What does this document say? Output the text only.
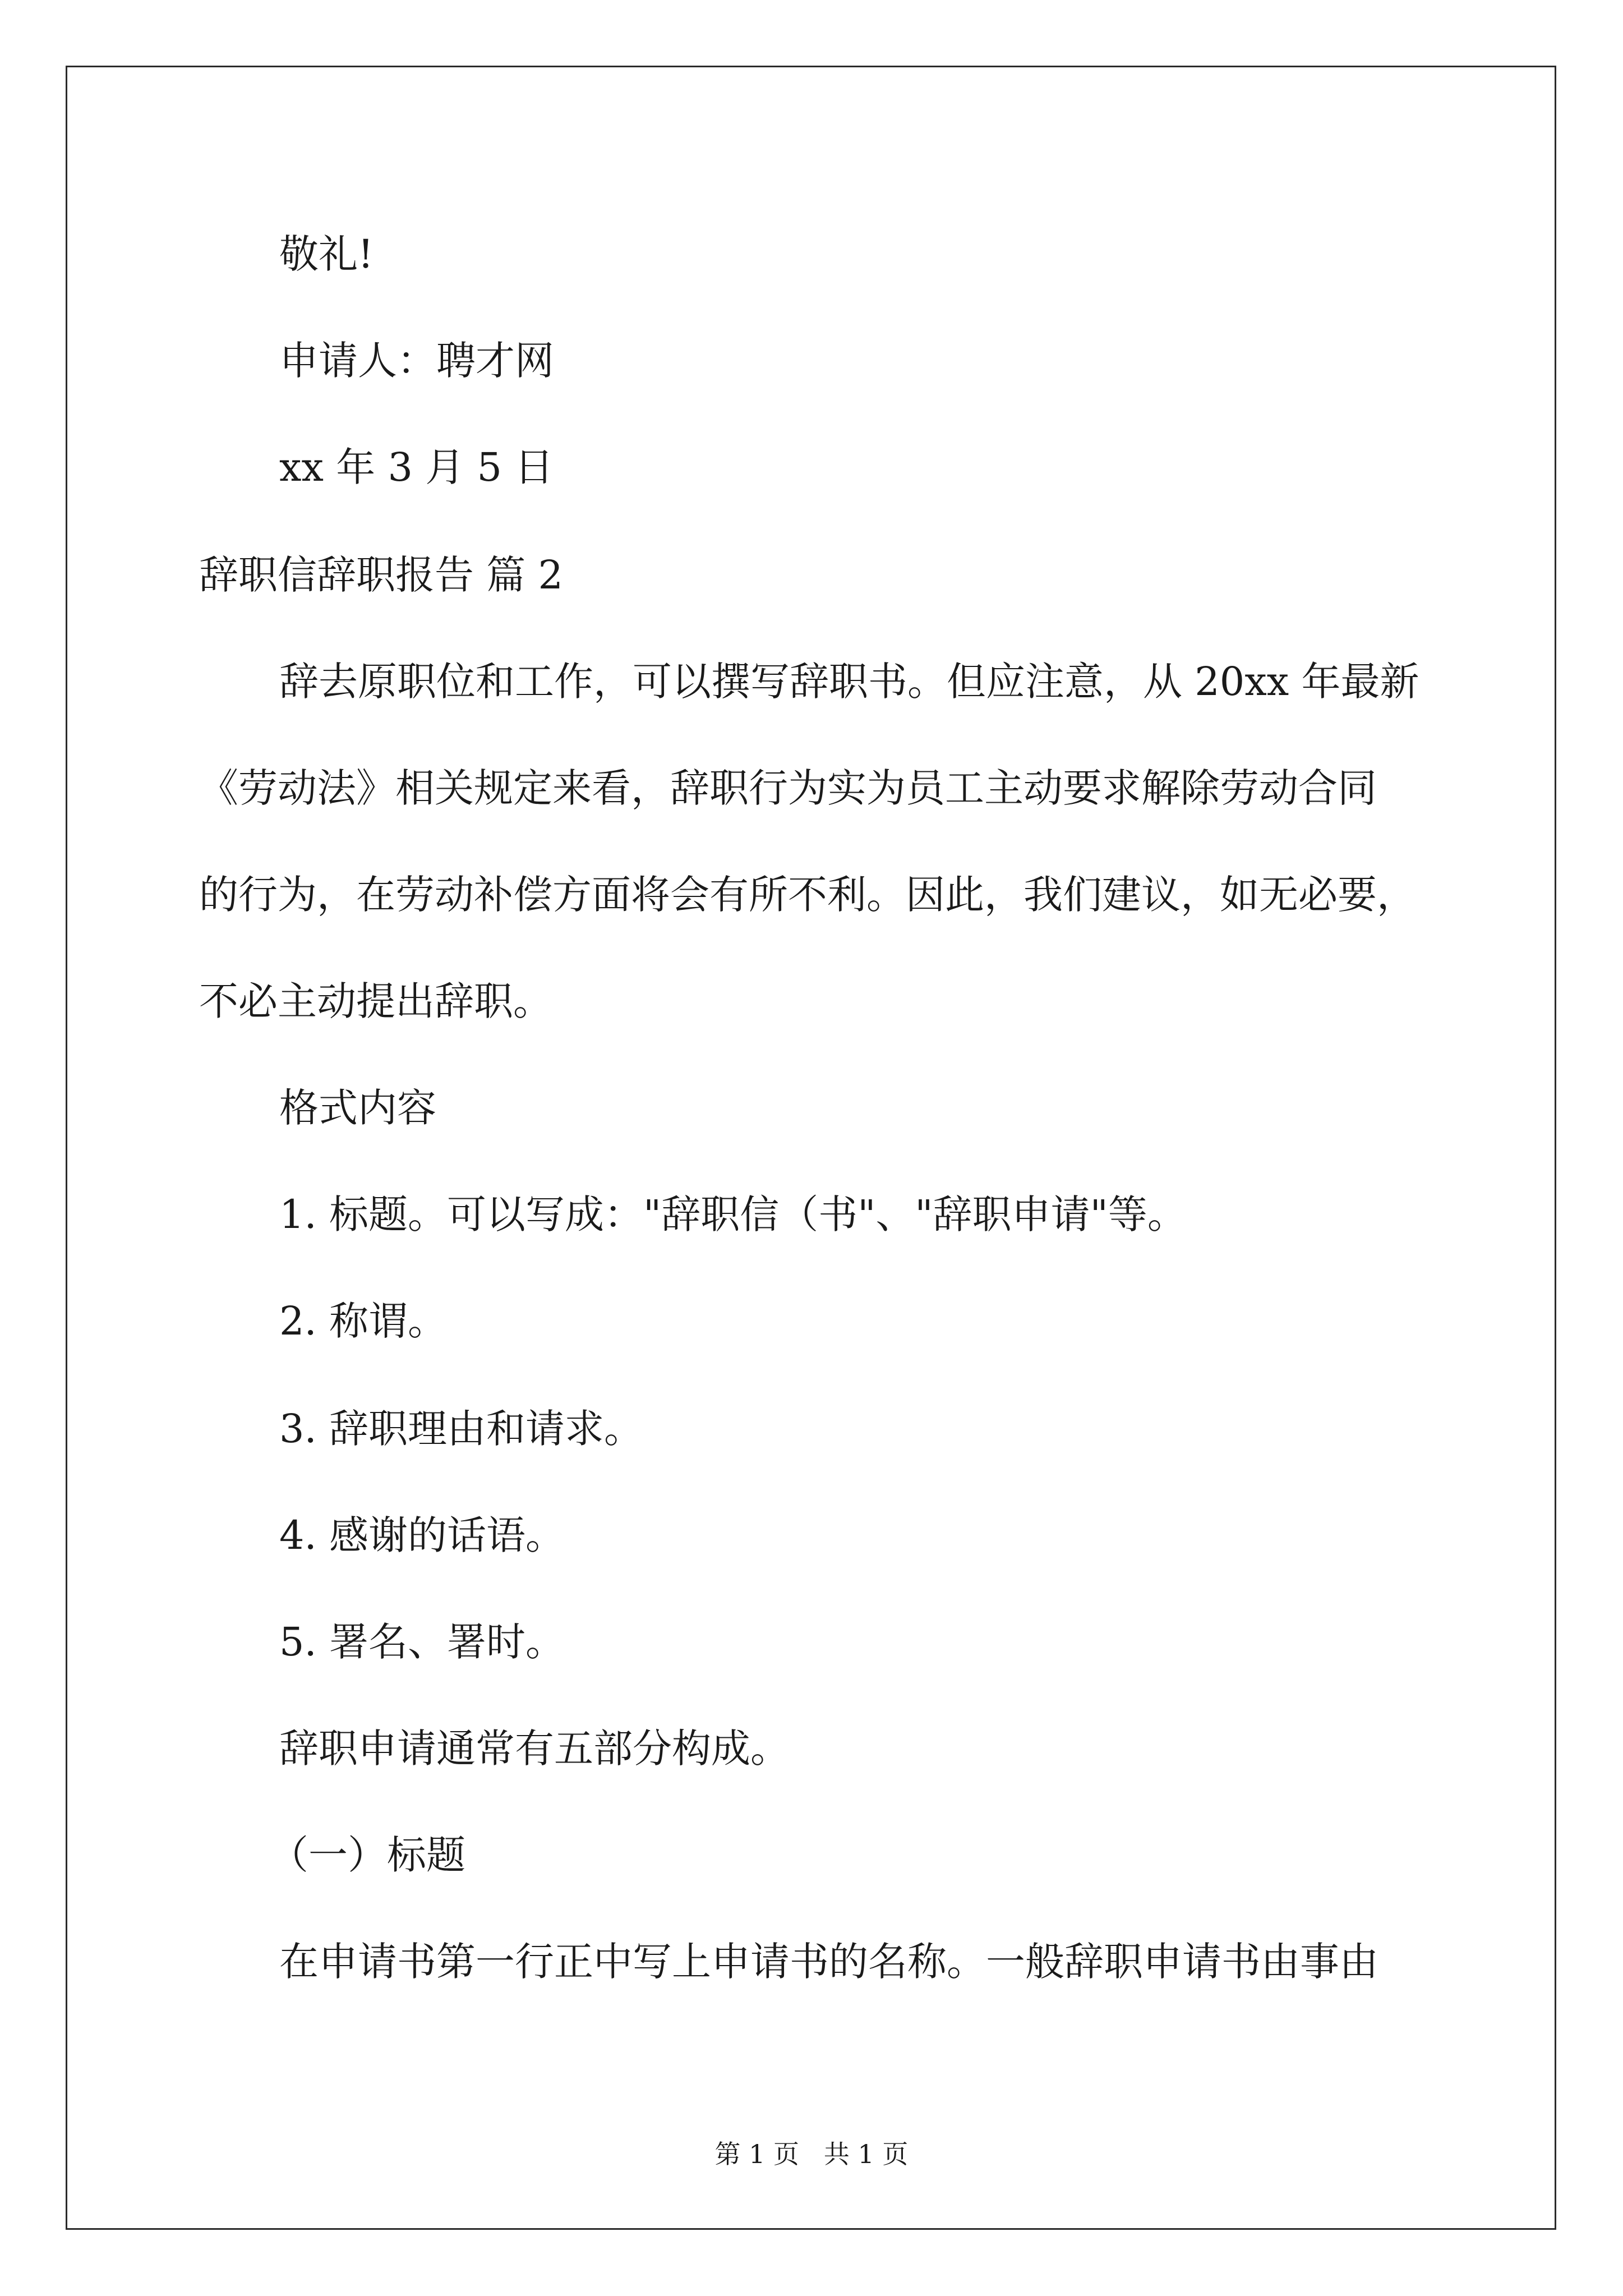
敬礼!
申请人：聘才网
xx 年 3 月 5 日
辞职信辞职报告 篇 2
辞去原职位和工作，可以撰写辞职书。但应注意，从 20xx 年最新
《劳动法》相关规定来看，辞职行为实为员工主动要求解除劳动合同
的行为，在劳动补偿方面将会有所不利。因此，我们建议，如无必要，
不必主动提出辞职。
格式内容
1. 标题。可以写成："辞职信（书"、"辞职申请"等。
2. 称谓。
3. 辞职理由和请求。
4. 感谢的话语。
5. 署名、署时。
辞职申请通常有五部分构成。
（一）标题
在申请书第一行正中写上申请书的名称。一般辞职申请书由事由
第 1 页   共 1 页
